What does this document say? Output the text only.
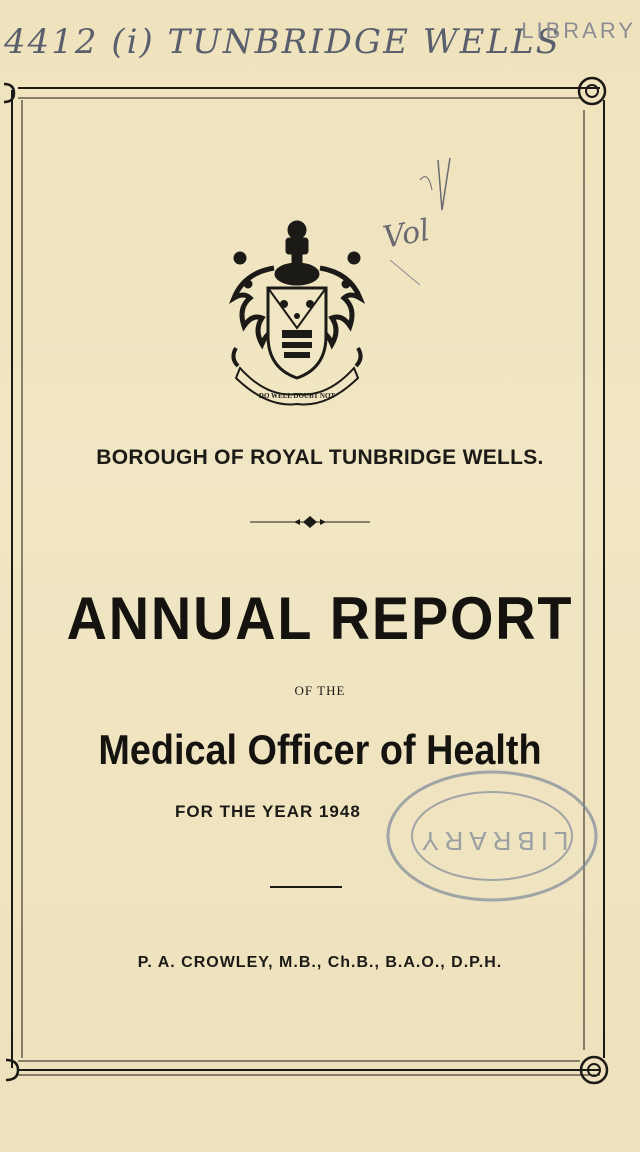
4412 (i) TUNBRIDGE WELLS
LIBRARY
Vol
DO WELL DOUBT NOT
BOROUGH OF ROYAL TUNBRIDGE WELLS.
ANNUAL REPORT
OF THE
Medical Officer of Health
LIBRARY
FOR THE YEAR 1948
P. A. CROWLEY, M.B., Ch.B., B.A.O., D.P.H.
